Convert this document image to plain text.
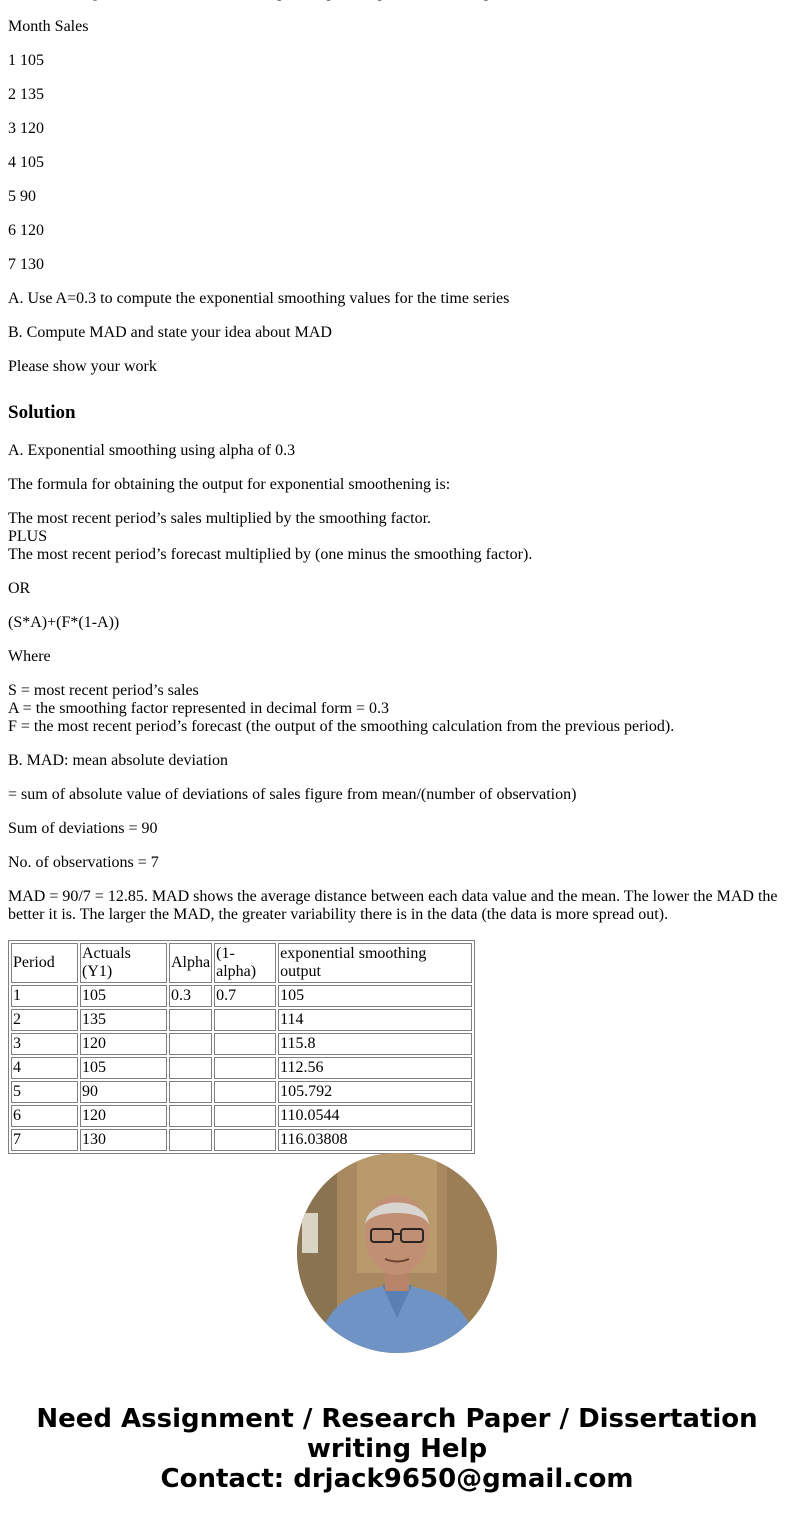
Month Sales

1 105

2 135

3 120

4 105

5 90

6 120

7 130

A. Use A=0.3 to compute the exponential smoothing values for the time series

B. Compute MAD and state your idea about MAD

Please show your work

Solution

A. Exponential smoothing using alpha of 0.3

The formula for obtaining the output for exponential smoothening is:

The most recent period’s sales multiplied by the smoothing factor.
PLUS
The most recent period’s forecast multiplied by (one minus the smoothing factor).

OR

(S*A)+(F*(1-A))

Where

S = most recent period’s sales
A = the smoothing factor represented in decimal form = 0.3
F = the most recent period’s forecast (the output of the smoothing calculation from the previous period).

B. MAD: mean absolute deviation

= sum of absolute value of deviations of sales figure from mean/(number of observation)

Sum of deviations = 90

No. of observations = 7

MAD = 90/7 = 12.85. MAD shows the average distance between each data value and the mean. The lower the MAD the better it is. The larger the MAD, the greater variability there is in the data (the data is more spread out).

Period	Actuals (Y1)	Alpha	(1-alpha)	exponential smoothing output
1	105	0.3	0.7	105
2	135			114
3	120			115.8
4	105			112.56
5	90			105.792
6	120			110.0544
7	130			116.03808
Need Assignment / Research Paper / Dissertation
writing Help
Contact: drjack9650@gmail.com
